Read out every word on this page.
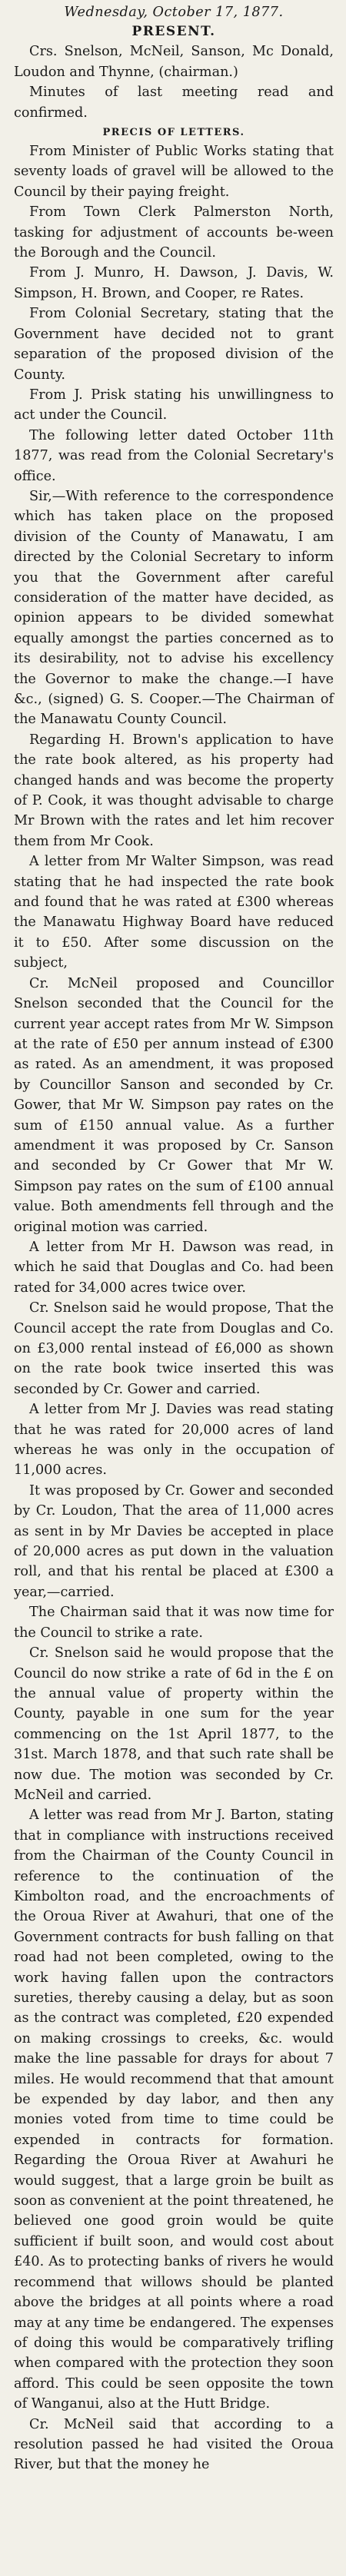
Wednesday, October 17, 1877.

PRESENT.

Crs. Snelson, McNeil, Sanson, Mc Donald, Loudon and Thynne, (chairman.)

Minutes of last meeting read and confirmed.

PRECIS OF LETTERS.

From Minister of Public Works stating that seventy loads of gravel will be allowed to the Council by their paying freight.

From Town Clerk Palmerston North, tasking for adjustment of accounts be-ween the Borough and the Council.

From J. Munro, H. Dawson, J. Davis, W. Simpson, H. Brown, and Cooper, re Rates.

From Colonial Secretary, stating that the Government have decided not to grant separation of the proposed division of the County.

From J. Prisk stating his unwillingness to act under the Council.

The following letter dated October 11th 1877, was read from the Colonial Secretary's office.

Sir,—With reference to the correspondence which has taken place on the proposed division of the County of Manawatu, I am directed by the Colonial Secretary to inform you that the Government after careful consideration of the matter have decided, as opinion appears to be divided somewhat equally amongst the parties concerned as to its desirability, not to advise his excellency the Governor to make the change.—I have &c., (signed) G. S. Cooper.—The Chairman of the Manawatu County Council.

Regarding H. Brown's application to have the rate book altered, as his property had changed hands and was become the property of P. Cook, it was thought advisable to charge Mr Brown with the rates and let him recover them from Mr Cook.

A letter from Mr Walter Simpson, was read stating that he had inspected the rate book and found that he was rated at £300 whereas the Manawatu Highway Board have reduced it to £50. After some discussion on the subject,

Cr. McNeil proposed and Councillor Snelson seconded that the Council for the current year accept rates from Mr W. Simpson at the rate of £50 per annum instead of £300 as rated. As an amendment, it was proposed by Councillor Sanson and seconded by Cr. Gower, that Mr W. Simpson pay rates on the sum of £150 annual value. As a further amendment it was proposed by Cr. Sanson and seconded by Cr Gower that Mr W. Simpson pay rates on the sum of £100 annual value. Both amendments fell through and the original motion was carried.

A letter from Mr H. Dawson was read, in which he said that Douglas and Co. had been rated for 34,000 acres twice over.

Cr. Snelson said he would propose, That the Council accept the rate from Douglas and Co. on £3,000 rental instead of £6,000 as shown on the rate book twice inserted this was seconded by Cr. Gower and carried.

A letter from Mr J. Davies was read stating that he was rated for 20,000 acres of land whereas he was only in the occupation of 11,000 acres.

It was proposed by Cr. Gower and seconded by Cr. Loudon, That the area of 11,000 acres as sent in by Mr Davies be accepted in place of 20,000 acres as put down in the valuation roll, and that his rental be placed at £300 a year,—carried.

The Chairman said that it was now time for the Council to strike a rate.

Cr. Snelson said he would propose that the Council do now strike a rate of 6d in the £ on the annual value of property within the County, payable in one sum for the year commencing on the 1st April 1877, to the 31st. March 1878, and that such rate shall be now due. The motion was seconded by Cr. McNeil and carried.

A letter was read from Mr J. Barton, stating that in compliance with instructions received from the Chairman of the County Council in reference to the continuation of the Kimbolton road, and the encroachments of the Oroua River at Awahuri, that one of the Government contracts for bush falling on that road had not been completed, owing to the work having fallen upon the contractors sureties, thereby causing a delay, but as soon as the contract was completed, £20 expended on making crossings to creeks, &c. would make the line passable for drays for about 7 miles. He would recommend that that amount be expended by day labor, and then any monies voted from time to time could be expended in contracts for formation. Regarding the Oroua River at Awahuri he would suggest, that a large groin be built as soon as convenient at the point threatened, he believed one good groin would be quite sufficient if built soon, and would cost about £40. As to protecting banks of rivers he would recommend that willows should be planted above the bridges at all points where a road may at any time be endangered. The expenses of doing this would be comparatively trifling when compared with the protection they soon afford. This could be seen opposite the town of Wanganui, also at the Hutt Bridge.

Cr. McNeil said that according to a resolution passed he had visited the Oroua River, but that the money he
